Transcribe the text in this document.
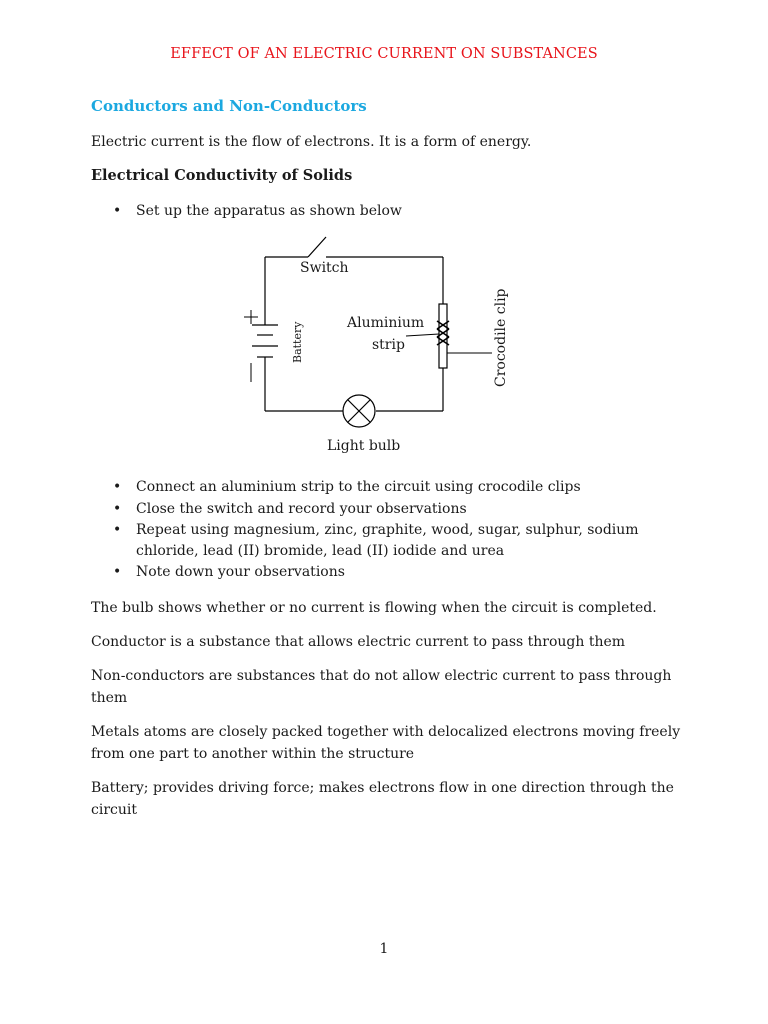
EFFECT OF AN ELECTRIC CURRENT ON SUBSTANCES
Conductors and Non-Conductors
Electric current is the flow of electrons. It is a form of energy.
Electrical Conductivity of Solids
• Set up the apparatus as shown below
Switch
Aluminium
strip
Battery	Crocodile clip
Light bulb
• Connect an aluminium strip to the circuit using crocodile clips
• Close the switch and record your observations
• Repeat using magnesium, zinc, graphite, wood, sugar, sulphur, sodium chloride, lead (II) bromide, lead (II) iodide and urea
• Note down your observations
The bulb shows whether or no current is flowing when the circuit is completed.
Conductor is a substance that allows electric current to pass through them
Non-conductors are substances that do not allow electric current to pass through them
Metals atoms are closely packed together with delocalized electrons moving freely from one part to another within the structure
Battery; provides driving force; makes electrons flow in one direction through the circuit
1
